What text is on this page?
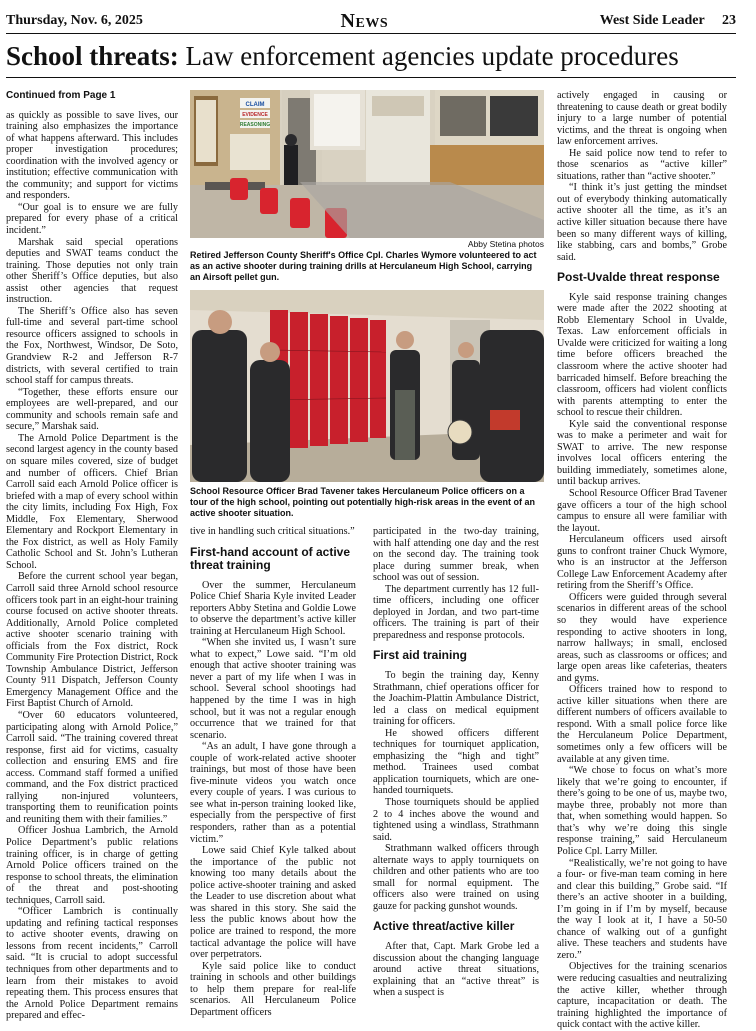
Thursday, Nov. 6, 2025	News	West Side Leader 23
School threats: Law enforcement agencies update procedures
Continued from Page 1

as quickly as possible to save lives, our training also emphasizes the importance of what happens afterward. This includes proper investigation procedures; coordination with the involved agency or institution; effective communication with the community; and support for victims and responders.

“Our goal is to ensure we are fully prepared for every phase of a critical incident.”

Marshak said special operations deputies and SWAT teams conduct the training. Those deputies not only train other Sheriff’s Office deputies, but also assist other agencies that request instruction.

The Sheriff’s Office also has seven full-time and several part-time school resource officers assigned to schools in the Fox, Northwest, Windsor, De Soto, Grandview R-2 and Jefferson R-7 districts, with several certified to train school staff for campus threats.

“Together, these efforts ensure our employees are well-prepared, and our community and schools remain safe and secure,” Marshak said.

The Arnold Police Department is the second largest agency in the county based on square miles covered, size of budget and number of officers. Chief Brian Carroll said each Arnold Police officer is briefed with a map of every school within the city limits, including Fox High, Fox Middle, Fox Elementary, Sherwood Elementary and Rockport Elementary in the Fox district, as well as Holy Family Catholic School and St. John’s Lutheran School.

Before the current school year began, Carroll said three Arnold school resource officers took part in an eight-hour training course focused on active shooter threats. Additionally, Arnold Police completed active shooter scenario training with officials from the Fox district, Rock Community Fire Protection District, Rock Township Ambulance District, Jefferson County 911 Dispatch, Jefferson County Emergency Management Office and the First Baptist Church of Arnold.

“Over 60 educators volunteered, participating along with Arnold Police,” Carroll said. “The training covered threat response, first aid for victims, casualty collection and ensuring EMS and fire access. Command staff formed a unified command, and the Fox district practiced rallying non-injured volunteers, transporting them to reunification points and reuniting them with their families.”

Officer Joshua Lambrich, the Arnold Police Department’s public relations training officer, is in charge of getting Arnold Police officers trained on the response to school threats, the elimination of the threat and post-shooting techniques, Carroll said.

“Officer Lambrich is continually updating and refining tactical responses to active shooter events, drawing on lessons from recent incidents,” Carroll said. “It is crucial to adopt successful techniques from other departments and to learn from their mistakes to avoid repeating them. This process ensures that the Arnold Police Department remains prepared and effec-

CLAIM
EVIDENCE
REASONING
Abby Stetina photos
Retired Jefferson County Sheriff's Office Cpl. Charles Wymore volunteered to act as an active shooter during training drills at Herculaneum High School, carrying an Airsoft pellet gun.
School Resource Officer Brad Tavener takes Herculaneum Police officers on a tour of the high school, pointing out potentially high-risk areas in the event of an active shooter situation.

tive in handling such critical situations.”

First-hand account of active threat training

Over the summer, Herculaneum Police Chief Sharia Kyle invited Leader reporters Abby Stetina and Goldie Lowe to observe the department’s active killer training at Herculaneum High School.

“When she invited us, I wasn’t sure what to expect,” Lowe said. “I’m old enough that active shooter training was never a part of my life when I was in school. Several school shootings had happened by the time I was in high school, but it was not a regular enough occurrence that we trained for that scenario.

“As an adult, I have gone through a couple of work-related active shooter trainings, but most of those have been five-minute videos you watch once every couple of years. I was curious to see what in-person training looked like, especially from the perspective of first responders, rather than as a potential victim.”

Lowe said Chief Kyle talked about the importance of the public not knowing too many details about the police active-shooter training and asked the Leader to use discretion about what was shared in this story. She said the less the public knows about how the police are trained to respond, the more tactical advantage the police will have over perpetrators.

Kyle said police like to conduct training in schools and other buildings to help them prepare for real-life scenarios. All Herculaneum Police Department officers

participated in the two-day training, with half attending one day and the rest on the second day. The training took place during summer break, when school was out of session.

The department currently has 12 full-time officers, including one officer deployed in Jordan, and two part-time officers. The training is part of their preparedness and response protocols.

First aid training

To begin the training day, Kenny Strathmann, chief operations officer for the Joachim-Plattin Ambulance District, led a class on medical equipment training for officers.

He showed officers different techniques for tourniquet application, emphasizing the “high and tight” method. Trainees used combat application tourniquets, which are one-handed tourniquets.

Those tourniquets should be applied 2 to 4 inches above the wound and tightened using a windlass, Strathmann said.

Strathmann walked officers through alternate ways to apply tourniquets on children and other patients who are too small for normal equipment. The officers also were trained on using gauze for packing gunshot wounds.

Active threat/active killer

After that, Capt. Mark Grobe led a discussion about the changing language around active threat situations, explaining that an “active threat” is when a suspect is

actively engaged in causing or threatening to cause death or great bodily injury to a large number of potential victims, and the threat is ongoing when law enforcement arrives.

He said police now tend to refer to those scenarios as “active killer” situations, rather than “active shooter.”

“I think it’s just getting the mindset out of everybody thinking automatically active shooter all the time, as it’s an active killer situation because there have been so many different ways of killing, like stabbing, cars and bombs,” Grobe said.

Post-Uvalde threat response

Kyle said response training changes were made after the 2022 shooting at Robb Elementary School in Uvalde, Texas. Law enforcement officials in Uvalde were criticized for waiting a long time before officers breached the classroom where the active shooter had barricaded himself. Before breaching the classroom, officers had violent conflicts with parents attempting to enter the school to rescue their children.

Kyle said the conventional response was to make a perimeter and wait for SWAT to arrive. The new response involves local officers entering the building immediately, sometimes alone, until backup arrives.

School Resource Officer Brad Tavener gave officers a tour of the high school campus to ensure all were familiar with the layout.

Herculaneum officers used airsoft guns to confront trainer Chuck Wymore, who is an instructor at the Jefferson College Law Enforcement Academy after retiring from the Sheriff’s Office.

Officers were guided through several scenarios in different areas of the school so they would have experience responding to active shooters in long, narrow hallways; in small, enclosed areas, such as classrooms or offices; and large open areas like cafeterias, theaters and gyms.

Officers trained how to respond to active killer situations when there are different numbers of officers available to respond. With a small police force like the Herculaneum Police Department, sometimes only a few officers will be available at any given time.

“We chose to focus on what’s more likely that we’re going to encounter, if there’s going to be one of us, maybe two, maybe three, probably not more than that, when something would happen. So that’s why we’re doing this single response training,” said Herculaneum Police Cpl. Larry Miller.

“Realistically, we’re not going to have a four- or five-man team coming in here and clear this building,” Grobe said. “If there’s an active shooter in a building, I’m going in if I’m by myself, because the way I look at it, I have a 50-50 chance of walking out of a gunfight alive. These teachers and students have zero.”

Objectives for the training scenarios were reducing casualties and neutralizing the active killer, whether through capture, incapacitation or death. The training highlighted the importance of quick contact with the active killer.
